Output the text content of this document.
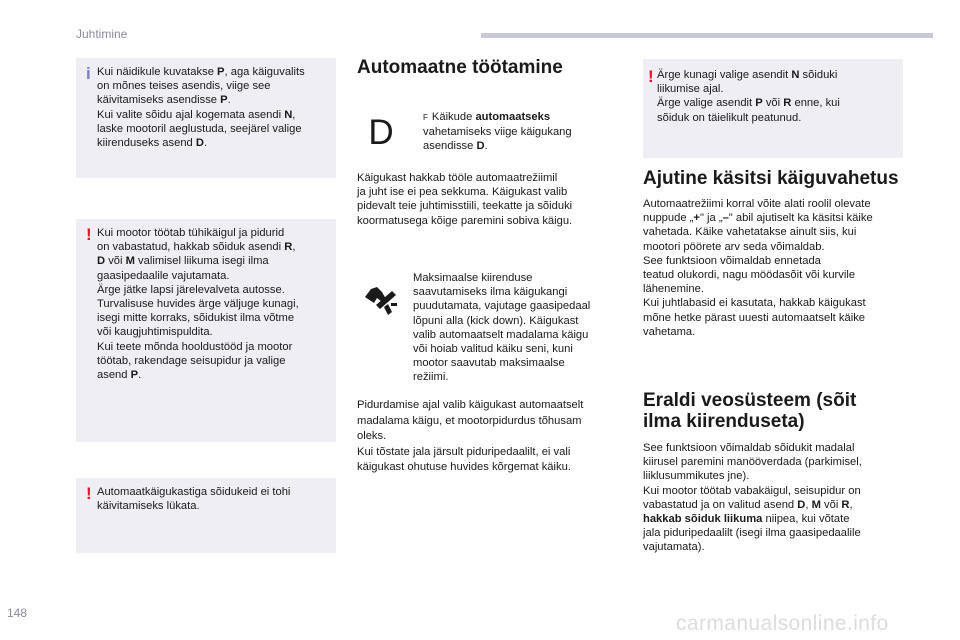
Juhtimine
i Kui näidikule kuvatakse P, aga käiguvalits

on mõnes teises asendis, viige see

käivitamiseks asendisse P.

Kui valite sõidu ajal kogemata asendi N,

laske mootoril aeglustuda, seejärel valige

kiirenduseks asend D.

! Kui mootor töötab tühikäigul ja pidurid

on vabastatud, hakkab sõiduk asendi R,

D või M valimisel liikuma isegi ilma

gaasipedaalile vajutamata.

Ärge jätke lapsi järelevalveta autosse.

Turvalisuse huvides ärge väljuge kunagi,

isegi mitte korraks, sõidukist ilma võtme

või kaugjuhtimispuldita.

Kui teete mõnda hooldustööd ja mootor

töötab, rakendage seisupidur ja valige

asend P.

! Automaatkäigukastiga sõidukeid ei tohi

käivitamiseks lükata.

Automaatne töötamine
D	F Käikude automaatseks

vahetamiseks viige käigukang

asendisse D.

Käigukast hakkab tööle automaatrežiimil

ja juht ise ei pea sekkuma. Käigukast valib

pidevalt teie juhtimisstiili, teekatte ja sõiduki

koormatusega kõige paremini sobiva käigu.

Maksimaalse kiirenduse

saavutamiseks ilma käigukangi

puudutamata, vajutage gaasipedaal

lõpuni alla (kick down). Käigukast

valib automaatselt madalama käigu

või hoiab valitud käiku seni, kuni

mootor saavutab maksimaalse

režiimi.

Pidurdamise ajal valib käigukast automaatselt

madalama käigu, et mootorpidurdus tõhusam

oleks.

Kui tõstate jala järsult piduripedaalilt, ei vali

käigukast ohutuse huvides kõrgemat käiku.

! Ärge kunagi valige asendit N sõiduki

liikumise ajal.

Ärge valige asendit P või R enne, kui

sõiduk on täielikult peatunud.

Ajutine käsitsi käiguvahetus

Automaatrežiimi korral võite alati roolil olevate

nuppude „+" ja „–" abil ajutiselt ka käsitsi käike

vahetada. Käike vahetatakse ainult siis, kui

mootori pöörete arv seda võimaldab.

See funktsioon võimaldab ennetada

teatud olukordi, nagu möödasõit või kurvile

lähenemine.

Kui juhtlabasid ei kasutata, hakkab käigukast

mõne hetke pärast uuesti automaatselt käike

vahetama.

Eraldi veosüsteem (sõit
ilma kiirenduseta)

See funktsioon võimaldab sõidukit madalal

kiirusel paremini manööverdada (parkimisel,

liiklusummikutes jne).

Kui mootor töötab vabakäigul, seisupidur on

vabastatud ja on valitud asend D, M või R,

hakkab sõiduk liikuma niipea, kui võtate

jala piduripedaalilt (isegi ilma gaasipedaalile

vajutamata).

148	carmanualsonline.info
